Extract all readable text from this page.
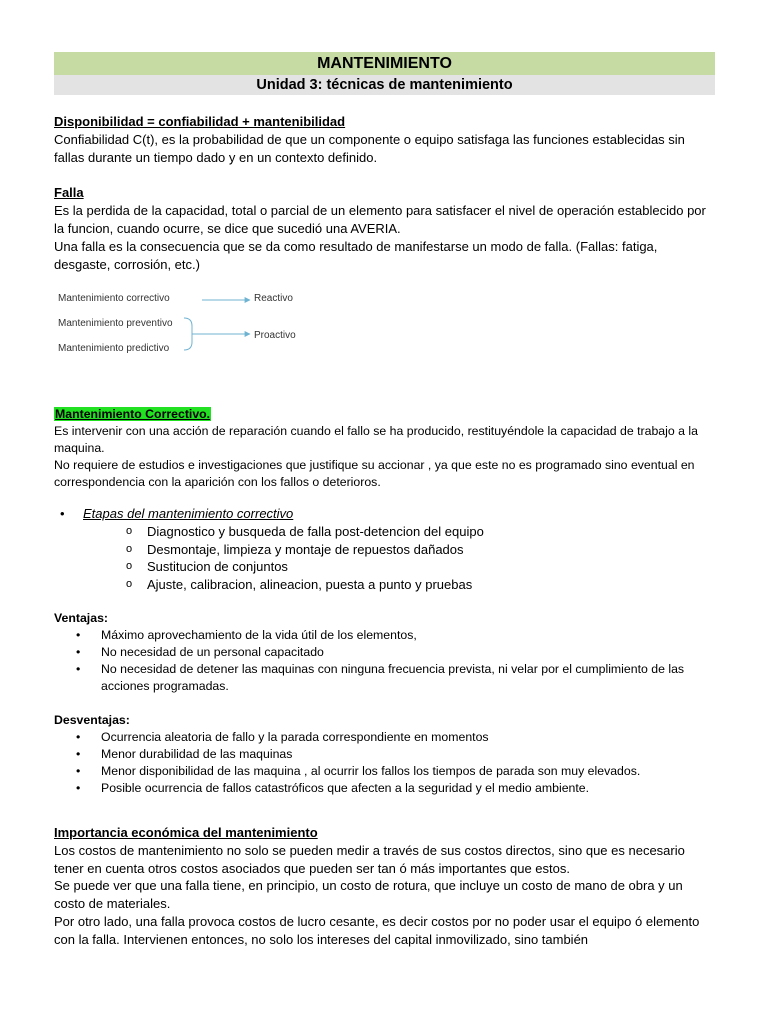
MANTENIMIENTO
Unidad 3: técnicas de mantenimiento

Disponibilidad = confiabilidad + mantenibilidad

Confiabilidad C(t), es la probabilidad de que un componente o equipo satisfaga las funciones establecidas sin fallas durante un tiempo dado y en un contexto definido.

Falla

Es la perdida de la capacidad, total o parcial de un elemento para satisfacer el nivel de operación establecido por la funcion, cuando ocurre, se dice que sucedió una AVERIA.

Una falla es la consecuencia que se da como resultado de manifestarse un modo de falla. (Fallas: fatiga, desgaste, corrosión, etc.)

Mantenimiento correctivo
Mantenimiento preventivo
Mantenimiento predictivo
Reactivo
Proactivo

Mantenimiento Correctivo.

Es intervenir con una acción de reparación cuando el fallo se ha producido, restituyéndole la capacidad de trabajo a la maquina.

No requiere de estudios e investigaciones que justifique su accionar , ya que este no es programado sino eventual en correspondencia con la aparición con los fallos o deterioros.

• Etapas del mantenimiento correctivo
o Diagnostico y busqueda de falla post-detencion del equipo
o Desmontaje, limpieza y montaje de repuestos dañados
o Sustitucion de conjuntos
o Ajuste, calibracion, alineacion, puesta a punto y pruebas
Ventajas:
• Máximo aprovechamiento de la vida útil de los elementos,
• No necesidad de un personal capacitado
• No necesidad de detener las maquinas con ninguna frecuencia prevista, ni velar por el cumplimiento de las acciones programadas.
Desventajas:
• Ocurrencia aleatoria de fallo y la parada correspondiente en momentos
• Menor durabilidad de las maquinas
• Menor disponibilidad de las maquina , al ocurrir los fallos los tiempos de parada son muy elevados.
• Posible ocurrencia de fallos catastróficos que afecten a la seguridad y el medio ambiente.

Importancia económica del mantenimiento

Los costos de mantenimiento no solo se pueden medir a través de sus costos directos, sino que es necesario tener en cuenta otros costos asociados que pueden ser tan ó más importantes que estos.

Se puede ver que una falla tiene, en principio, un costo de rotura, que incluye un costo de mano de obra y un costo de materiales.

Por otro lado, una falla provoca costos de lucro cesante, es decir costos por no poder usar el equipo ó elemento con la falla. Intervienen entonces, no solo los intereses del capital inmovilizado, sino también
